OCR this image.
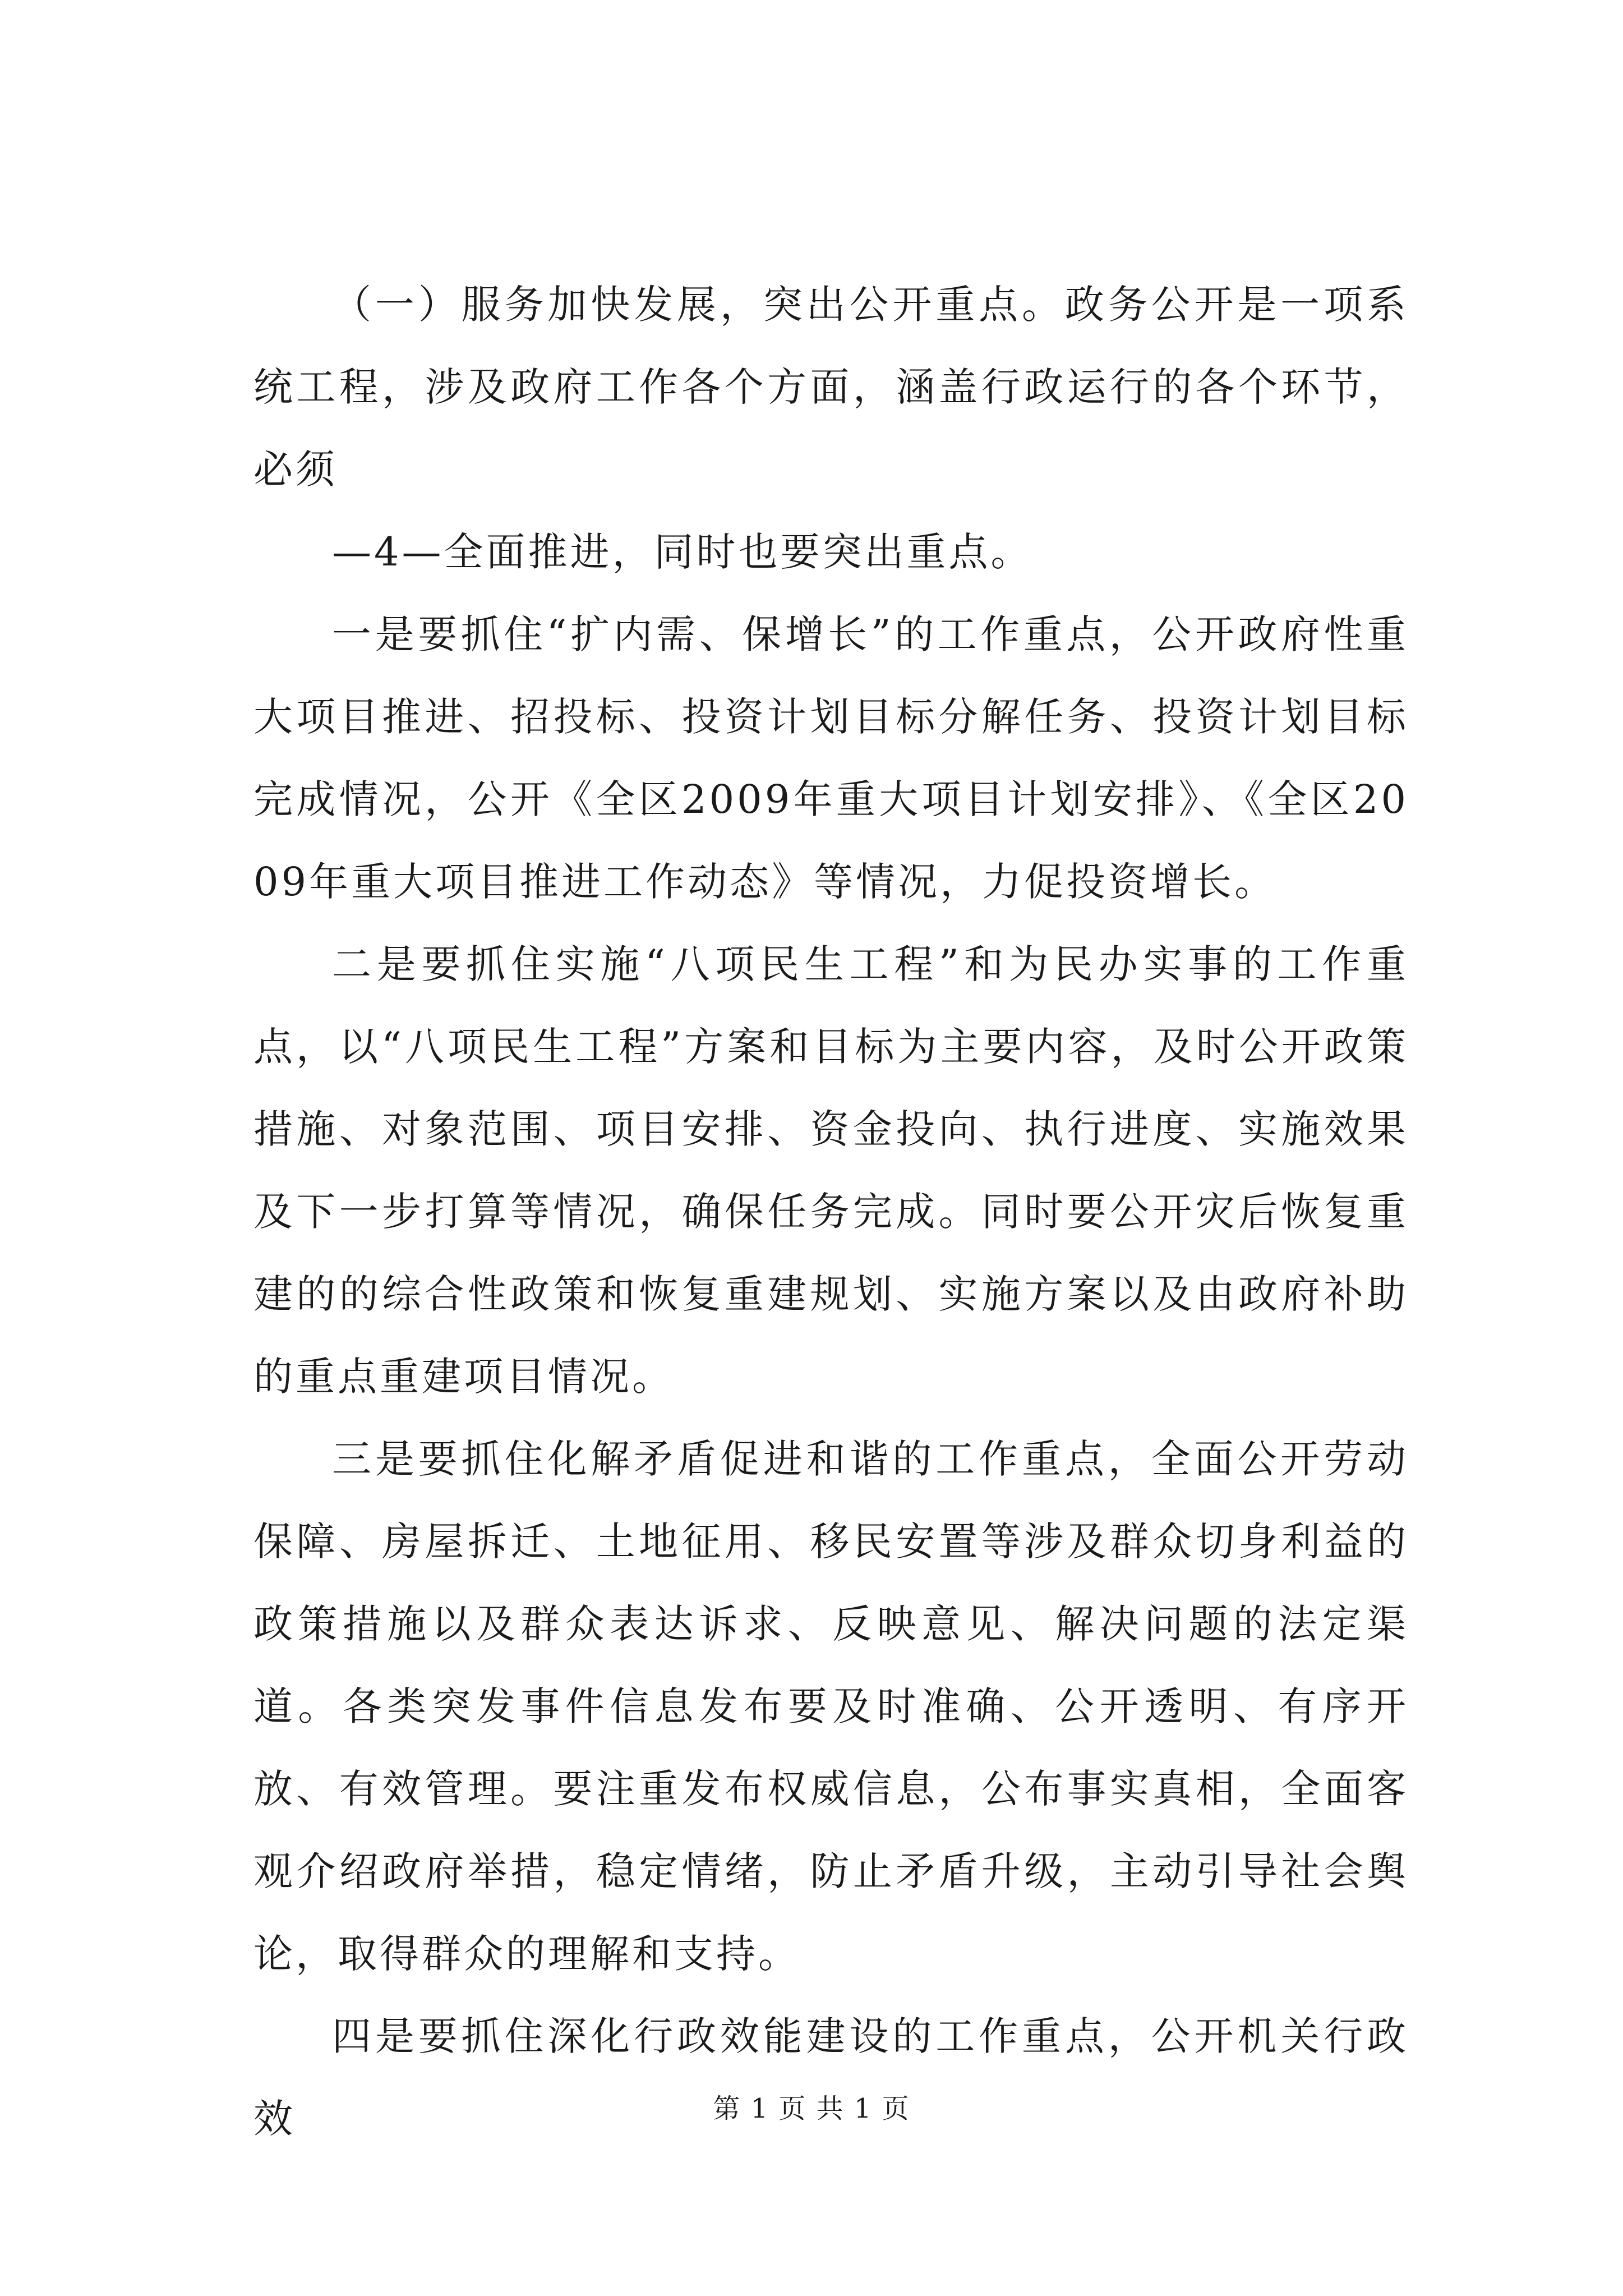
（一）服务加快发展，突出公开重点。政务公开是一项系统工程，涉及政府工作各个方面，涵盖行政运行的各个环节，必须

—4—全面推进，同时也要突出重点。

一是要抓住“扩内需、保增长”的工作重点，公开政府性重大项目推进、招投标、投资计划目标分解任务、投资计划目标完成情况，公开《全区2009年重大项目计划安排》、《全区2009年重大项目推进工作动态》等情况，力促投资增长。

二是要抓住实施“八项民生工程”和为民办实事的工作重点，以“八项民生工程”方案和目标为主要内容，及时公开政策措施、对象范围、项目安排、资金投向、执行进度、实施效果及下一步打算等情况，确保任务完成。同时要公开灾后恢复重建的的综合性政策和恢复重建规划、实施方案以及由政府补助的重点重建项目情况。

三是要抓住化解矛盾促进和谐的工作重点，全面公开劳动保障、房屋拆迁、土地征用、移民安置等涉及群众切身利益的政策措施以及群众表达诉求、反映意见、解决问题的法定渠道。各类突发事件信息发布要及时准确、公开透明、有序开放、有效管理。要注重发布权威信息，公布事实真相，全面客观介绍政府举措，稳定情绪，防止矛盾升级，主动引导社会舆论，取得群众的理解和支持。

四是要抓住深化行政效能建设的工作重点，公开机关行政效	第 1 页 共 1 页
